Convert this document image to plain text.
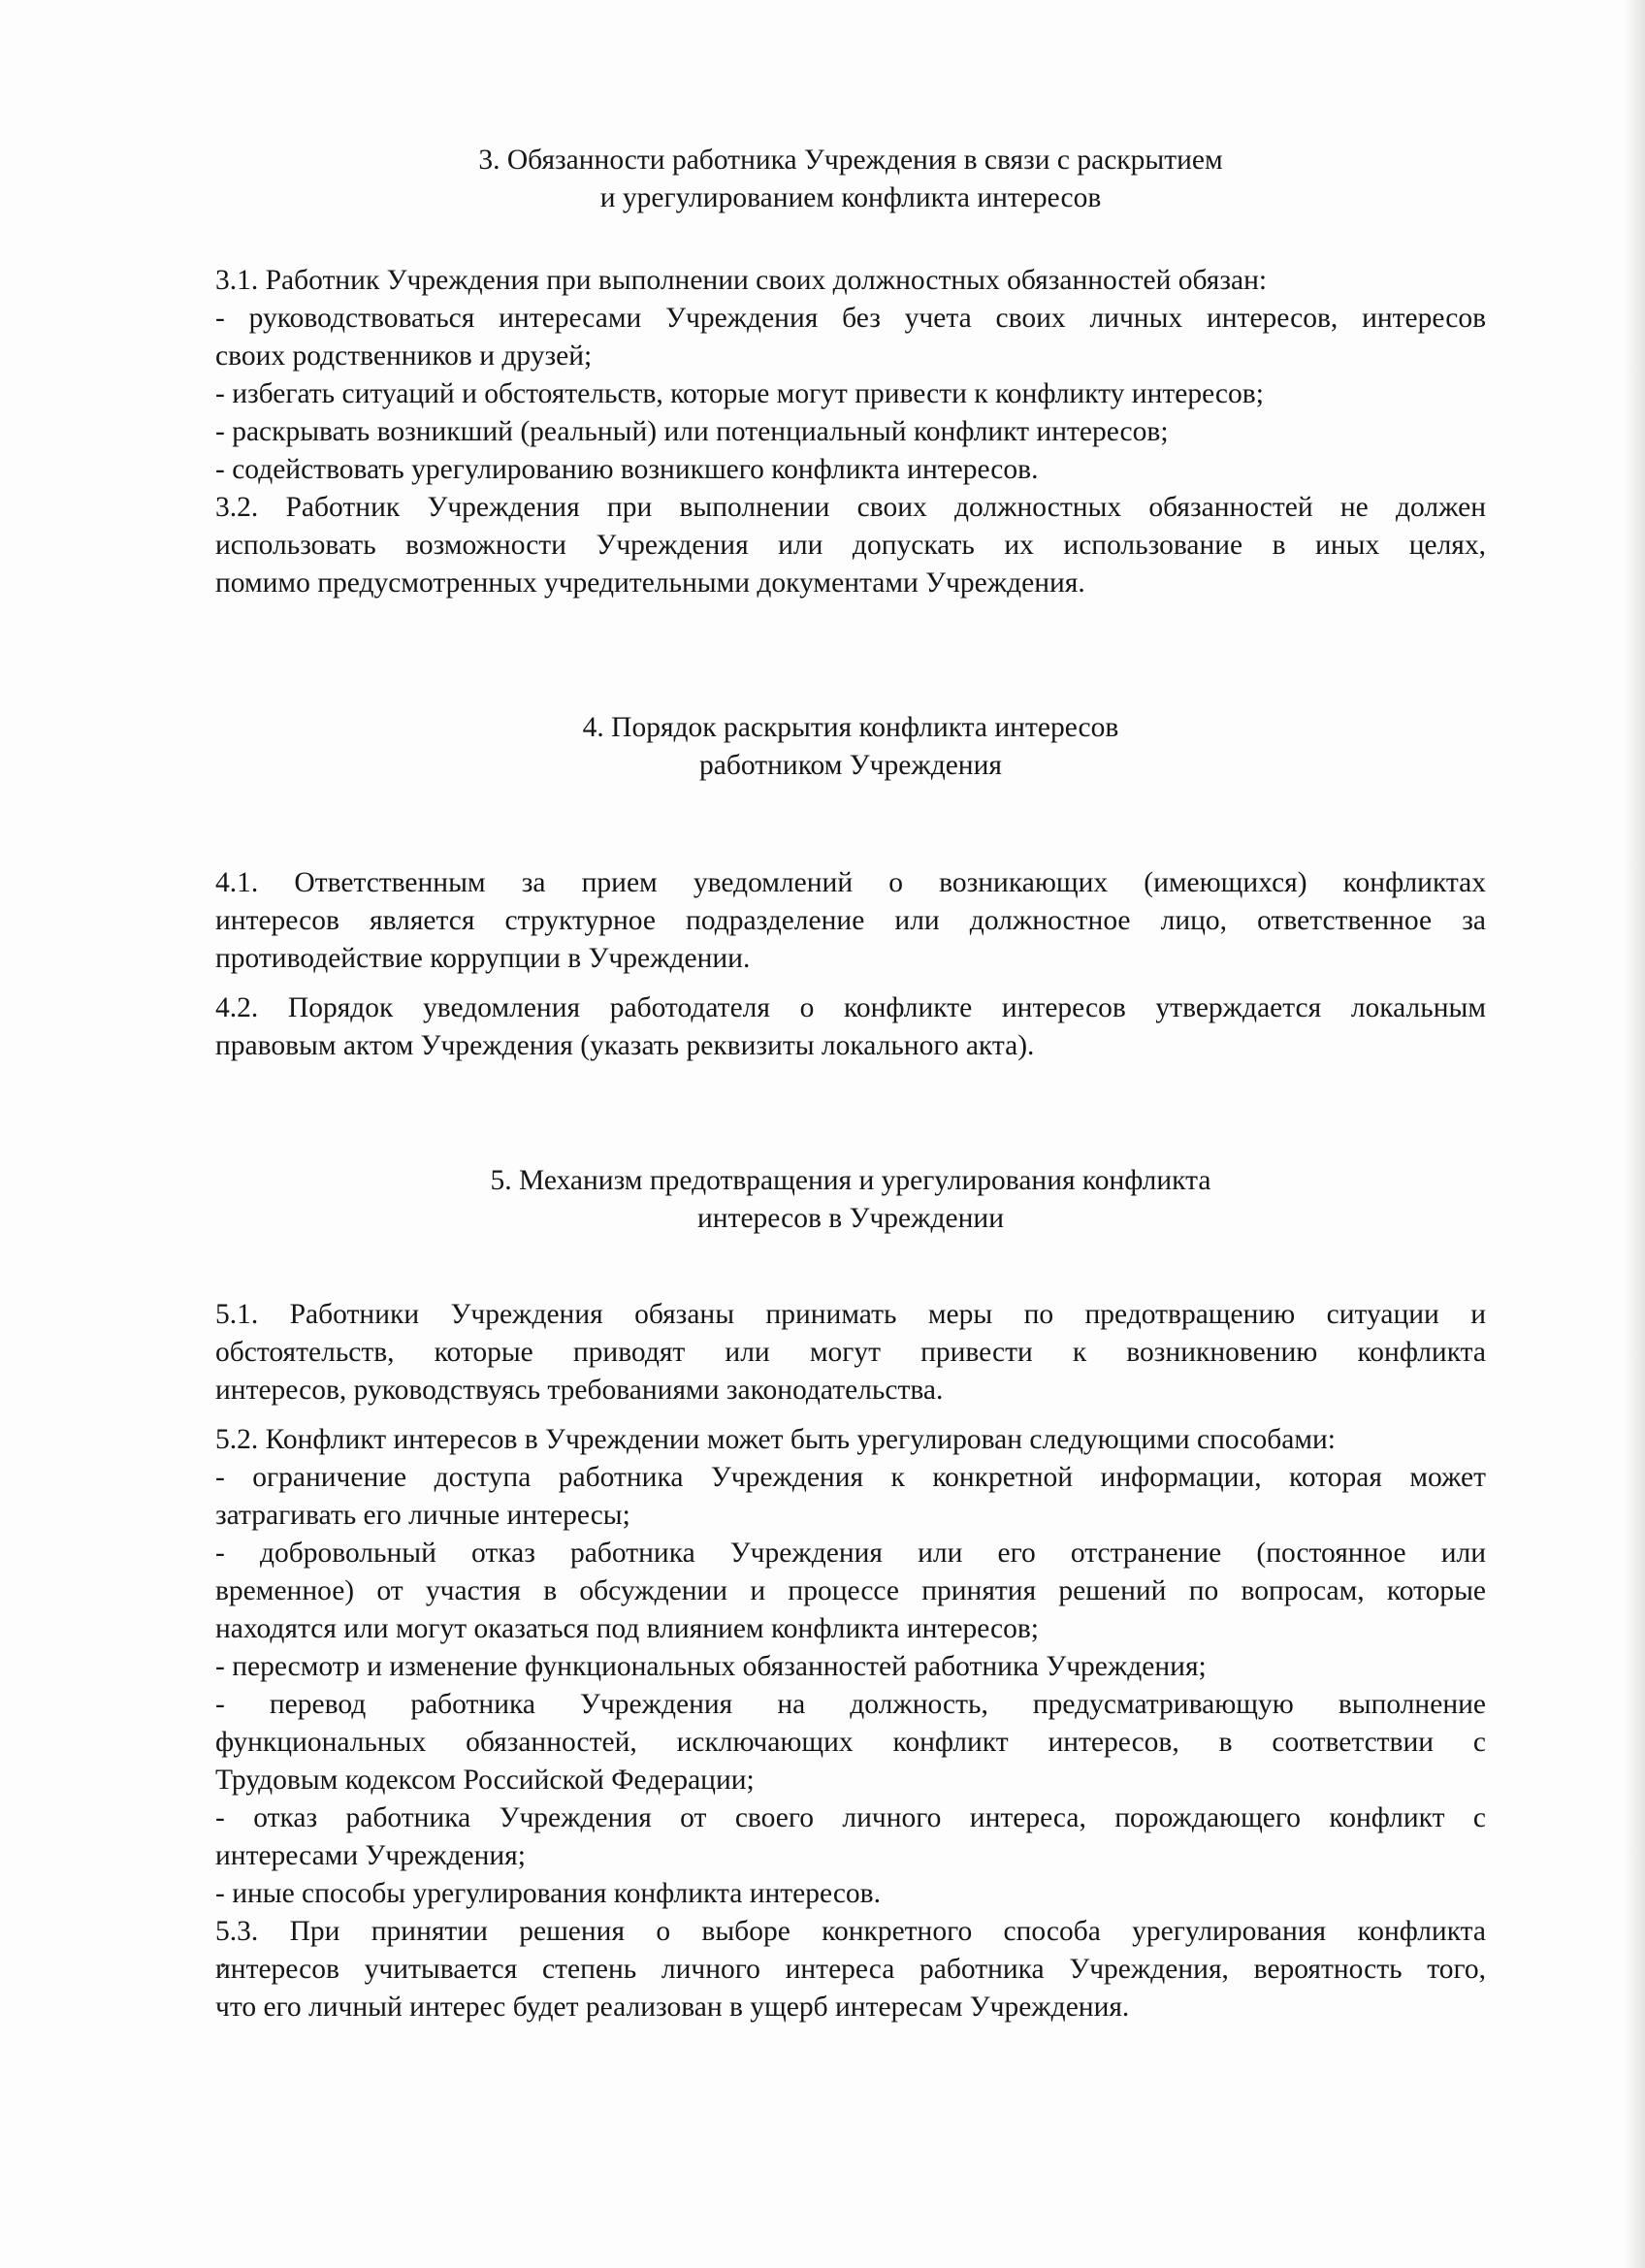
3. Обязанности работника Учреждения в связи с раскрытием
и урегулированием конфликта интересов
3.1. Работник Учреждения при выполнении своих должностных обязанностей обязан:
- руководствоваться интересами Учреждения без учета своих личных интересов, интересов
своих родственников и друзей;
- избегать ситуаций и обстоятельств, которые могут привести к конфликту интересов;
- раскрывать возникший (реальный) или потенциальный конфликт интересов;
- содействовать урегулированию возникшего конфликта интересов.
3.2. Работник Учреждения при выполнении своих должностных обязанностей не должен
использовать возможности Учреждения или допускать их использование в иных целях,
помимо предусмотренных учредительными документами Учреждения.
4. Порядок раскрытия конфликта интересов
работником Учреждения
4.1. Ответственным за прием уведомлений о возникающих (имеющихся) конфликтах
интересов является структурное подразделение или должностное лицо, ответственное за
противодействие коррупции в Учреждении.
4.2. Порядок уведомления работодателя о конфликте интересов утверждается локальным
правовым актом Учреждения (указать реквизиты локального акта).
5. Механизм предотвращения и урегулирования конфликта
интересов в Учреждении
5.1. Работники Учреждения обязаны принимать меры по предотвращению ситуации и
обстоятельств, которые приводят или могут привести к возникновению конфликта
интересов, руководствуясь требованиями законодательства.
5.2. Конфликт интересов в Учреждении может быть урегулирован следующими способами:
- ограничение доступа работника Учреждения к конкретной информации, которая может
затрагивать его личные интересы;
- добровольный отказ работника Учреждения или его отстранение (постоянное или
временное) от участия в обсуждении и процессе принятия решений по вопросам, которые
находятся или могут оказаться под влиянием конфликта интересов;
- пересмотр и изменение функциональных обязанностей работника Учреждения;
- перевод работника Учреждения на должность, предусматривающую выполнение
функциональных обязанностей, исключающих конфликт интересов, в соответствии с
Трудовым кодексом Российской Федерации;
- отказ работника Учреждения от своего личного интереса, порождающего конфликт с
интересами Учреждения;
- иные способы урегулирования конфликта интересов.
5.3. При принятии решения о выборе конкретного способа урегулирования конфликта
интересов учитывается степень личного интереса работника Учреждения, вероятность того,
что его личный интерес будет реализован в ущерб интересам Учреждения.
